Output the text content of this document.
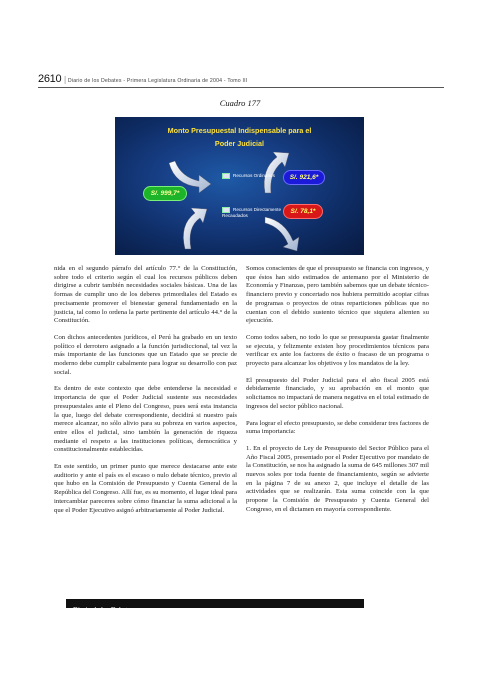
2610 | Diario de los Debates - Primera Legislatura Ordinaria de 2004 - Tomo III
Cuadro 177
Monto Presupuestal Indispensable para el
Poder Judicial
S/. 999,7*
Recursos Ordinarios	S/. 921,6*
Recursos Directamente
Recaudados
S/. 78,1*

nida en el segundo párrafo del artículo 77.° de la Constitución, sobre todo el criterio según el cual los recursos públicos deben dirigirse a cubrir también necesidades sociales básicas. Una de las formas de cumplir uno de los deberes primordiales del Estado es precisamente promover el bienestar general fundamentado en la justicia, tal como lo ordena la parte pertinente del artículo 44.° de la Constitución.

Con dichos antecedentes jurídicos, el Perú ha grabado en un texto político el derrotero asignado a la función jurisdiccional, tal vez la más importante de las funciones que un Estado que se precie de moderno debe cumplir cabalmente para lograr su desarrollo con paz social.

Es dentro de este contexto que debe entenderse la necesidad e importancia de que el Poder Judicial sustente sus necesidades presupuestales ante el Pleno del Congreso, pues será esta instancia la que, luego del debate correspondiente, decidirá si nuestro país merece alcanzar, no sólo alivio para su pobreza en varios aspectos, entre ellos el judicial, sino también la generación de riqueza mediante el respeto a las instituciones políticas, democrática y constitucionalmente establecidas.

En este sentido, un primer punto que merece destacarse ante este auditorio y ante el país es el escaso o nulo debate técnico, previo al que hubo en la Comisión de Presupuesto y Cuenta General de la República del Congreso. Allí fue, es su momento, el lugar ideal para intercambiar pareceres sobre cómo financiar la suma adicional a la que el Poder Ejecutivo asignó arbitrariamente al Poder Judicial.

Somos conscientes de que el presupuesto se financia con ingresos, y que éstos han sido estimados de antemano por el Ministerio de Economía y Finanzas, pero también sabemos que un debate técnico-financiero previo y concertado nos hubiera permitido acopiar cifras de programas o proyectos de otras reparticiones públicas que no cuentan con el debido sustento técnico que siquiera alienten su ejecución.

Como todos saben, no todo lo que se presupuesta gastar finalmente se ejecuta, y felizmente existen hoy procedimientos técnicos para verificar ex ante los factores de éxito o fracaso de un programa o proyecto para alcanzar los objetivos y los mandatos de la ley.

El presupuesto del Poder Judicial para el año fiscal 2005 está debidamente financiado, y su aprobación en el monto que solicitamos no impactará de manera negativa en el total estimado de ingresos del sector público nacional.

Para lograr el efecto presupuesto, se debe considerar tres factores de suma importancia:

1. En el proyecto de Ley de Presupuesto del Sector Público para el Año Fiscal 2005, presentado por el Poder Ejecutivo por mandato de la Constitución, se nos ha asignado la suma de 645 millones 307 mil nuevos soles por toda fuente de financiamiento, según se advierte en la página 7 de su anexo 2, que incluye el detalle de las actividades que se realizarán. Esta suma coincide con la que propone la Comisión de Presupuesto y Cuenta General del Congreso, en el dictamen en mayoría correspondiente.

Diario de los Debates - 22.ª C Sesión (vespertina) 24-11-2004
